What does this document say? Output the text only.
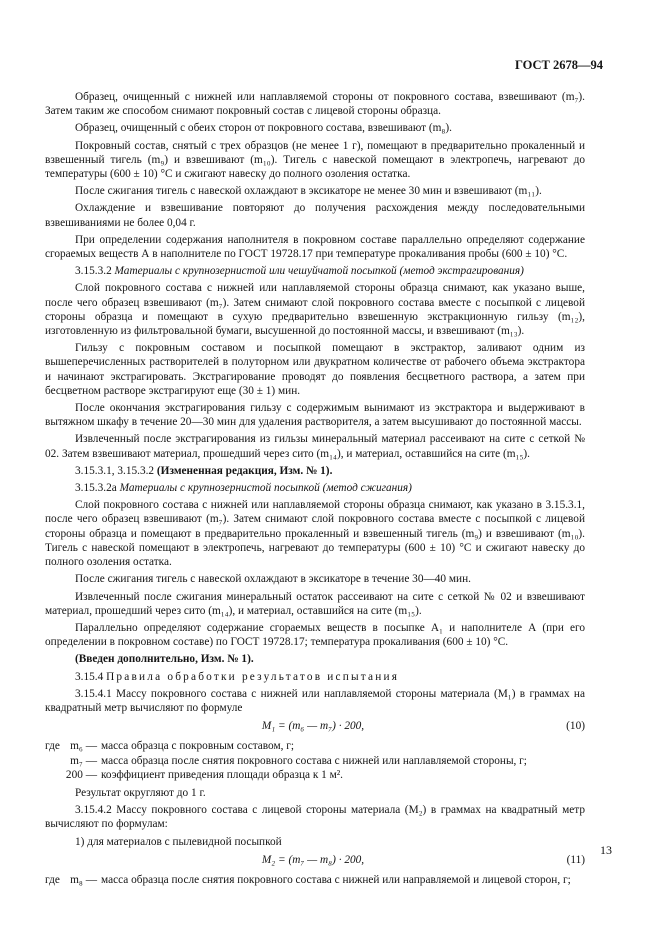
ГОСТ 2678—94

Образец, очищенный с нижней или наплавляемой стороны от покровного состава, взвешивают (m₇). Затем таким же способом снимают покровный состав с лицевой стороны образца.

Образец, очищенный с обеих сторон от покровного состава, взвешивают (m₈).

Покровный состав, снятый с трех образцов (не менее 1 г), помещают в предварительно прокаленный и взвешенный тигель (m₉) и взвешивают (m₁₀). Тигель с навеской помещают в электропечь, нагревают до температуры (600 ± 10) °С и сжигают навеску до полного озоления остатка.

После сжигания тигель с навеской охлаждают в эксикаторе не менее 30 мин и взвешивают (m₁₁).

Охлаждение и взвешивание повторяют до получения расхождения между последовательными взвешиваниями не более 0,04 г.

При определении содержания наполнителя в покровном составе параллельно определяют содержание сгораемых веществ А в наполнителе по ГОСТ 19728.17 при температуре прокаливания пробы (600 ± 10) °С.

3.15.3.2 Материалы с крупнозернистой или чешуйчатой посыпкой (метод экстрагирования)

Слой покровного состава с нижней или наплавляемой стороны образца снимают, как указано выше, после чего образец взвешивают (m₇). Затем снимают слой покровного состава вместе с посыпкой с лицевой стороны образца и помещают в сухую предварительно взвешенную экстракционную гильзу (m₁₂), изготовленную из фильтровальной бумаги, высушенной до постоянной массы, и взвешивают (m₁₃).

Гильзу с покровным составом и посыпкой помещают в экстрактор, заливают одним из вышеперечисленных растворителей в полуторном или двукратном количестве от рабочего объема экстрактора и начинают экстрагировать. Экстрагирование проводят до появления бесцветного раствора, а затем при бесцветном растворе экстрагируют еще (30 ± 1) мин.

После окончания экстрагирования гильзу с содержимым вынимают из экстрактора и выдерживают в вытяжном шкафу в течение 20—30 мин для удаления растворителя, а затем высушивают до постоянной массы.

Извлеченный после экстрагирования из гильзы минеральный материал рассеивают на сите с сеткой № 02. Затем взвешивают материал, прошедший через сито (m₁₄), и материал, оставшийся на сите (m₁₅).

3.15.3.1, 3.15.3.2 (Измененная редакция, Изм. № 1).

3.15.3.2а Материалы с крупнозернистой посыпкой (метод сжигания)

Слой покровного состава с нижней или наплавляемой стороны образца снимают, как указано в 3.15.3.1, после чего образец взвешивают (m₇). Затем снимают слой покровного состава вместе с посыпкой с лицевой стороны образца и помещают в предварительно прокаленный и взвешенный тигель (m₉) и взвешивают (m₁₀). Тигель с навеской помещают в электропечь, нагревают до температуры (600 ± 10) °С и сжигают навеску до полного озоления остатка.

После сжигания тигель с навеской охлаждают в эксикаторе в течение 30—40 мин.

Извлеченный после сжигания минеральный остаток рассеивают на сите с сеткой № 02 и взвешивают материал, прошедший через сито (m₁₄), и материал, оставшийся на сите (m₁₅).

Параллельно определяют содержание сгораемых веществ в посыпке А₁ и наполнителе А (при его определении в покровном составе) по ГОСТ 19728.17; температура прокаливания (600 ± 10) °С.

(Введен дополнительно, Изм. № 1).

3.15.4 Правила обработки результатов испытания

3.15.4.1 Массу покровного состава с нижней или наплавляемой стороны материала (M₁) в граммах на квадратный метр вычисляют по формуле

M₁ = (m₆ — m₇) · 200,	(10)
где m₆ — масса образца с покровным составом, г;
m₇ — масса образца после снятия покровного состава с нижней или наплавляемой стороны, г;
200 — коэффициент приведения площади образца к 1 м².

Результат округляют до 1 г.

3.15.4.2 Массу покровного состава с лицевой стороны материала (M₂) в граммах на квадратный метр вычисляют по формулам:

1) для материалов с пылевидной посыпкой

M₂ = (m₇ — m₈) · 200,	(11)
где m₈ — масса образца после снятия покровного состава с нижней или направляемой и лицевой сторон, г;
13
